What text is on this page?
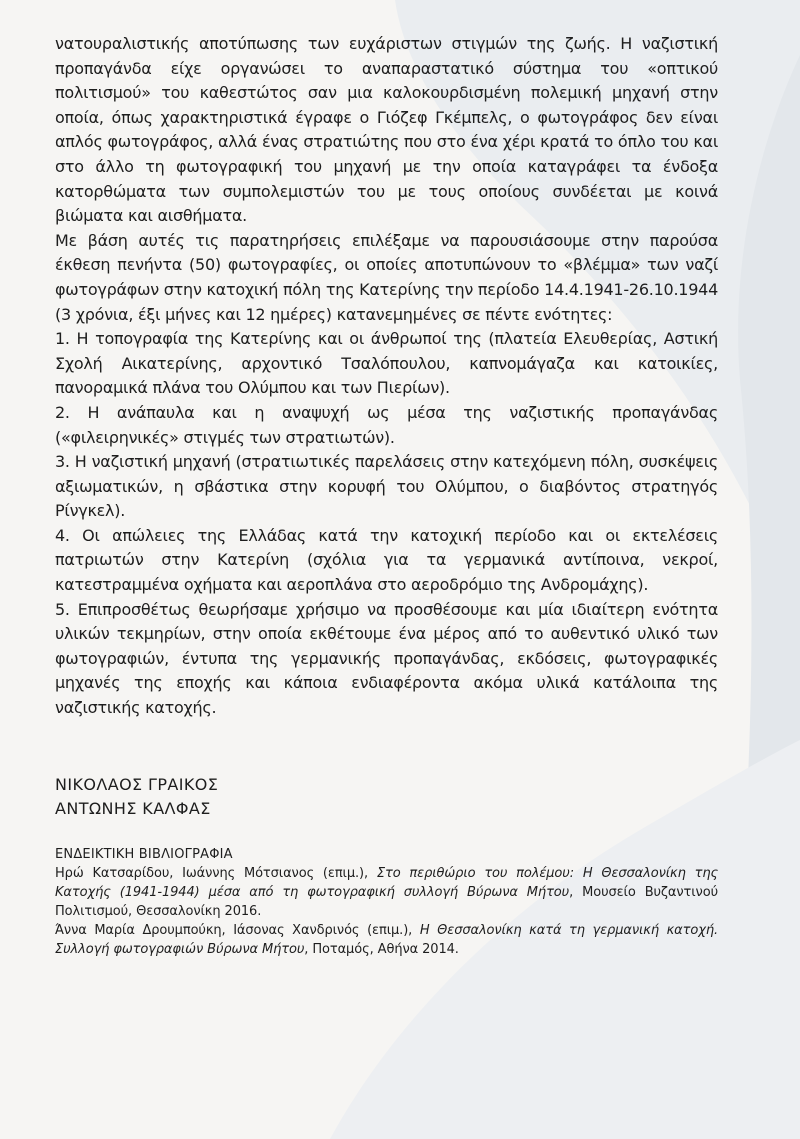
νατουραλιστικής αποτύπωσης των ευχάριστων στιγμών της ζωής. Η ναζιστική προπαγάνδα είχε οργανώσει το αναπαραστατικό σύστημα του «οπτικού πολιτισμού» του καθεστώτος σαν μια καλοκουρδισμένη πολεμική μηχανή στην οποία, όπως χαρακτηριστικά έγραφε ο Γιόζεφ Γκέμπελς, ο φωτογράφος δεν είναι απλός φωτογράφος, αλλά ένας στρατιώτης που στο ένα χέρι κρατά το όπλο του και στο άλλο τη φωτογραφική του μηχανή με την οποία καταγράφει τα ένδοξα κατορθώματα των συμπολεμιστών του με τους οποίους συνδέεται με κοινά βιώματα και αισθήματα.

Με βάση αυτές τις παρατηρήσεις επιλέξαμε να παρουσιάσουμε στην παρούσα έκθεση πενήντα (50) φωτογραφίες, οι οποίες αποτυπώνουν το «βλέμμα» των ναζί φωτογράφων στην κατοχική πόλη της Κατερίνης την περίοδο 14.4.1941-26.10.1944 (3 χρόνια, έξι μήνες και 12 ημέρες) κατανεμημένες σε πέντε ενότητες:

1. Η τοπογραφία της Κατερίνης και οι άνθρωποί της (πλατεία Ελευθερίας, Αστική Σχολή Αικατερίνης, αρχοντικό Τσαλόπουλου, καπνομάγαζα και κατοικίες, πανοραμικά πλάνα του Ολύμπου και των Πιερίων).

2. Η ανάπαυλα και η αναψυχή ως μέσα της ναζιστικής προπαγάνδας («φιλειρηνικές» στιγμές των στρατιωτών).

3. Η ναζιστική μηχανή (στρατιωτικές παρελάσεις στην κατεχόμενη πόλη, συσκέψεις αξιωματικών, η σβάστικα στην κορυφή του Ολύμπου, ο διαβόντος στρατηγός Ρίνγκελ).

4. Οι απώλειες της Ελλάδας κατά την κατοχική περίοδο και οι εκτελέσεις πατριωτών στην Κατερίνη (σχόλια για τα γερμανικά αντίποινα, νεκροί, κατεστραμμένα οχήματα και αεροπλάνα στο αεροδρόμιο της Ανδρομάχης).

5. Επιπροσθέτως θεωρήσαμε χρήσιμο να προσθέσουμε και μία ιδιαίτερη ενότητα υλικών τεκμηρίων, στην οποία εκθέτουμε ένα μέρος από το αυθεντικό υλικό των φωτογραφιών, έντυπα της γερμανικής προπαγάνδας, εκδόσεις, φωτογραφικές μηχανές της εποχής και κάποια ενδιαφέροντα ακόμα υλικά κατάλοιπα της ναζιστικής κατοχής.

ΝΙΚΟΛΑΟΣ ΓΡΑΙΚΟΣ
ΑΝΤΩΝΗΣ ΚΑΛΦΑΣ
ΕΝΔΕΙΚΤΙΚΗ ΒΙΒΛΙΟΓΡΑΦΙΑ

Ηρώ Κατσαρίδου, Ιωάννης Μότσιανος (επιμ.), Στο περιθώριο του πολέμου: Η Θεσσαλονίκη της Κατοχής (1941-1944) μέσα από τη φωτογραφική συλλογή Βύρωνα Μήτου, Μουσείο Βυζαντινού Πολιτισμού, Θεσσαλονίκη 2016.

Άννα Μαρία Δρουμπούκη, Ιάσονας Χανδρινός (επιμ.), Η Θεσσαλονίκη κατά τη γερμανική κατοχή. Συλλογή φωτογραφιών Βύρωνα Μήτου, Ποταμός, Αθήνα 2014.
